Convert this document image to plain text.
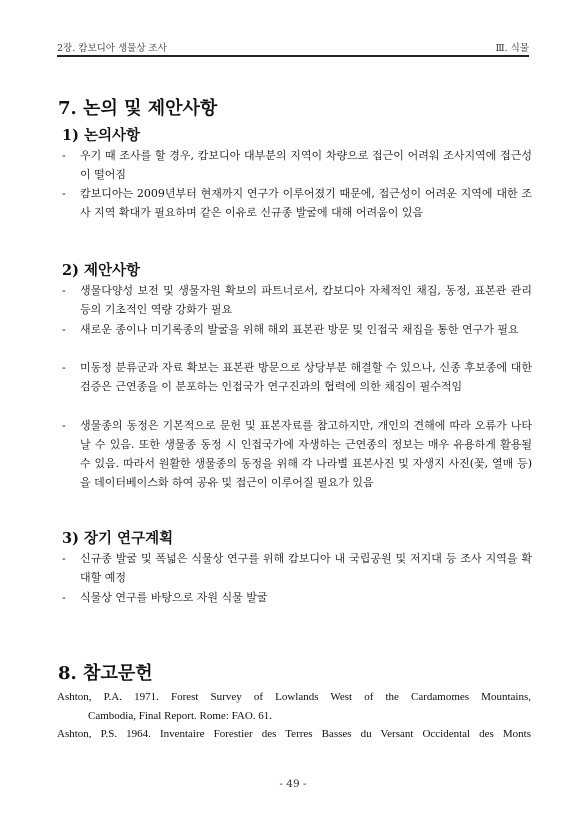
2장. 캄보디아 생물상 조사	Ⅲ. 식물
7. 논의 및 제안사항
1) 논의사항

-	우기 때 조사를 할 경우, 캄보디아 대부분의 지역이 차량으로 접근이 어려워 조사지역에 접근성이 떨어짐

-	캄보디아는 2009년부터 현재까지 연구가 이루어졌기 때문에, 접근성이 어려운 지역에 대한 조사 지역 확대가 필요하며 같은 이유로 신규종 발굴에 대해 어려움이 있음

2) 제안사항

-	생물다양성 보전 및 생물자원 확보의 파트너로서, 캄보디아 자체적인 채집, 동정, 표본관 관리 등의 기초적인 역량 강화가 필요

-	새로운 종이나 미기록종의 발굴을 위해 해외 표본관 방문 및 인접국 채집을 통한 연구가 필요

-	미동정 분류군과 자료 확보는 표본관 방문으로 상당부분 해결할 수 있으나, 신종 후보종에 대한 검증은 근연종을 이 분포하는 인접국가 연구진과의 협력에 의한 채집이 필수적임

-	생물종의 동정은 기본적으로 문헌 및 표본자료를 참고하지만, 개인의 견해에 따라 오류가 나타날 수 있음. 또한 생물종 동정 시 인접국가에 자생하는 근연종의 정보는 매우 유용하게 활용될 수 있음. 따라서 원활한 생물종의 동정을 위해 각 나라별 표본사진 및 자생지 사진(꽃, 열매 등)을 데이터베이스화 하여 공유 및 접근이 이루어질 필요가 있음

3) 장기 연구계획

-	신규종 발굴 및 폭넓은 식물상 연구를 위해 캄보디아 내 국립공원 및 저지대 등 조사 지역을 확대할 예정

-	식물상 연구를 바탕으로 자원 식물 발굴

8. 참고문헌

Ashton, P.A. 1971. Forest Survey of Lowlands West of the Cardamomes Mountains,
Cambodia, Final Report. Rome: FAO. 61.

Ashton, P.S. 1964. Inventaire Forestier des Terres Basses du Versant Occidental des Monts

- 49 -
